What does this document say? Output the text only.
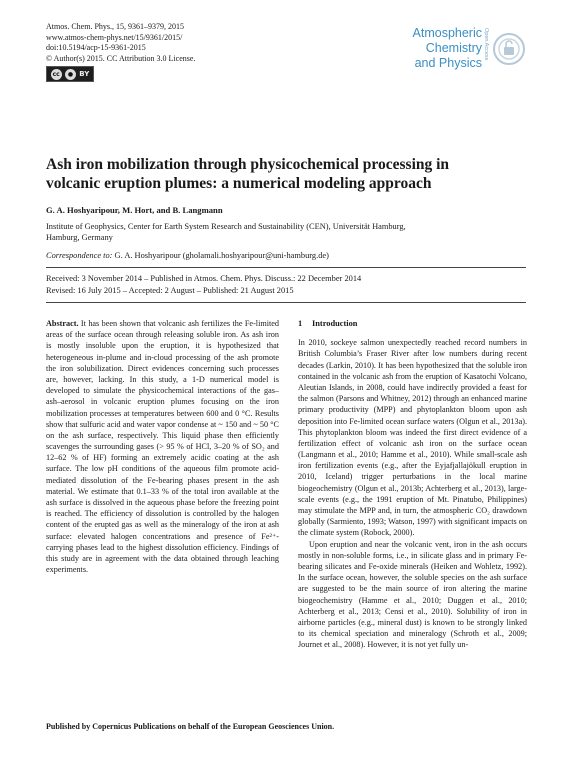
Atmos. Chem. Phys., 15, 9361–9379, 2015
www.atmos-chem-phys.net/15/9361/2015/
doi:10.5194/acp-15-9361-2015
© Author(s) 2015. CC Attribution 3.0 License.
cc	● BY
Atmospheric
Chemistry
and Physics
Open Access
Ash iron mobilization through physicochemical processing in
volcanic eruption plumes: a numerical modeling approach
G. A. Hoshyaripour, M. Hort, and B. Langmann
Institute of Geophysics, Center for Earth System Research and Sustainability (CEN), Universität Hamburg,
Hamburg, Germany
Correspondence to: G. A. Hoshyaripour (gholamali.hoshyaripour@uni-hamburg.de)
Received: 3 November 2014 – Published in Atmos. Chem. Phys. Discuss.: 22 December 2014
Revised: 16 July 2015 – Accepted: 2 August – Published: 21 August 2015

Abstract. It has been shown that volcanic ash fertilizes the Fe-limited areas of the surface ocean through releasing soluble iron. As ash iron is mostly insoluble upon the eruption, it is hypothesized that heterogeneous in-plume and in-cloud processing of the ash promote the iron solubilization. Direct evidences concerning such processes are, however, lacking. In this study, a 1-D numerical model is developed to simulate the physicochemical interactions of the gas–ash–aerosol in volcanic eruption plumes focusing on the iron mobilization processes at temperatures between 600 and 0 °C. Results show that sulfuric acid and water vapor condense at ~ 150 and ~ 50 °C on the ash surface, respectively. This liquid phase then efficiently scavenges the surrounding gases (> 95 % of HCl, 3–20 % of SO₂ and 12–62 % of HF) forming an extremely acidic coating at the ash surface. The low pH conditions of the aqueous film promote acid-mediated dissolution of the Fe-bearing phases present in the ash material. We estimate that 0.1–33 % of the total iron available at the ash surface is dissolved in the aqueous phase before the freezing point is reached. The efficiency of dissolution is controlled by the halogen content of the erupted gas as well as the mineralogy of the iron at ash surface: elevated halogen concentrations and presence of Fe²⁺-carrying phases lead to the highest dissolution efficiency. Findings of this study are in agreement with the data obtained through leaching experiments.

1 Introduction

In 2010, sockeye salmon unexpectedly reached record numbers in British Columbia’s Fraser River after low numbers during recent decades (Larkin, 2010). It has been hypothesized that the soluble iron contained in the volcanic ash from the eruption of Kasatochi Volcano, Aleutian Islands, in 2008, could have indirectly provided a feast for the salmon (Parsons and Whitney, 2012) through an enhanced marine primary productivity (MPP) and phytoplankton bloom upon ash deposition into Fe-limited ocean surface waters (Olgun et al., 2013a). This phytoplankton bloom was indeed the first direct evidence of a fertilization effect of volcanic ash iron on the surface ocean (Langmann et al., 2010; Hamme et al., 2010). While small-scale ash iron fertilization events (e.g., after the Eyjafjallajökull eruption in 2010, Iceland) trigger perturbations in the local marine biogeochemistry (Olgun et al., 2013b; Achterberg et al., 2013), large-scale events (e.g., the 1991 eruption of Mt. Pinatubo, Philippines) may stimulate the MPP and, in turn, the atmospheric CO₂ drawdown globally (Sarmiento, 1993; Watson, 1997) with significant impacts on the climate system (Robock, 2000).

Upon eruption and near the volcanic vent, iron in the ash occurs mostly in non-soluble forms, i.e., in silicate glass and in primary Fe-bearing silicates and Fe-oxide minerals (Heiken and Wohletz, 1992). In the surface ocean, however, the soluble species on the ash surface are suggested to be the main source of iron altering the marine biogeochemistry (Hamme et al., 2010; Duggen et al., 2010; Achterberg et al., 2013; Censi et al., 2010). Solubility of iron in airborne particles (e.g., mineral dust) is known to be strongly linked to its chemical speciation and mineralogy (Schroth et al., 2009; Journet et al., 2008). However, it is not yet fully un-

Published by Copernicus Publications on behalf of the European Geosciences Union.
